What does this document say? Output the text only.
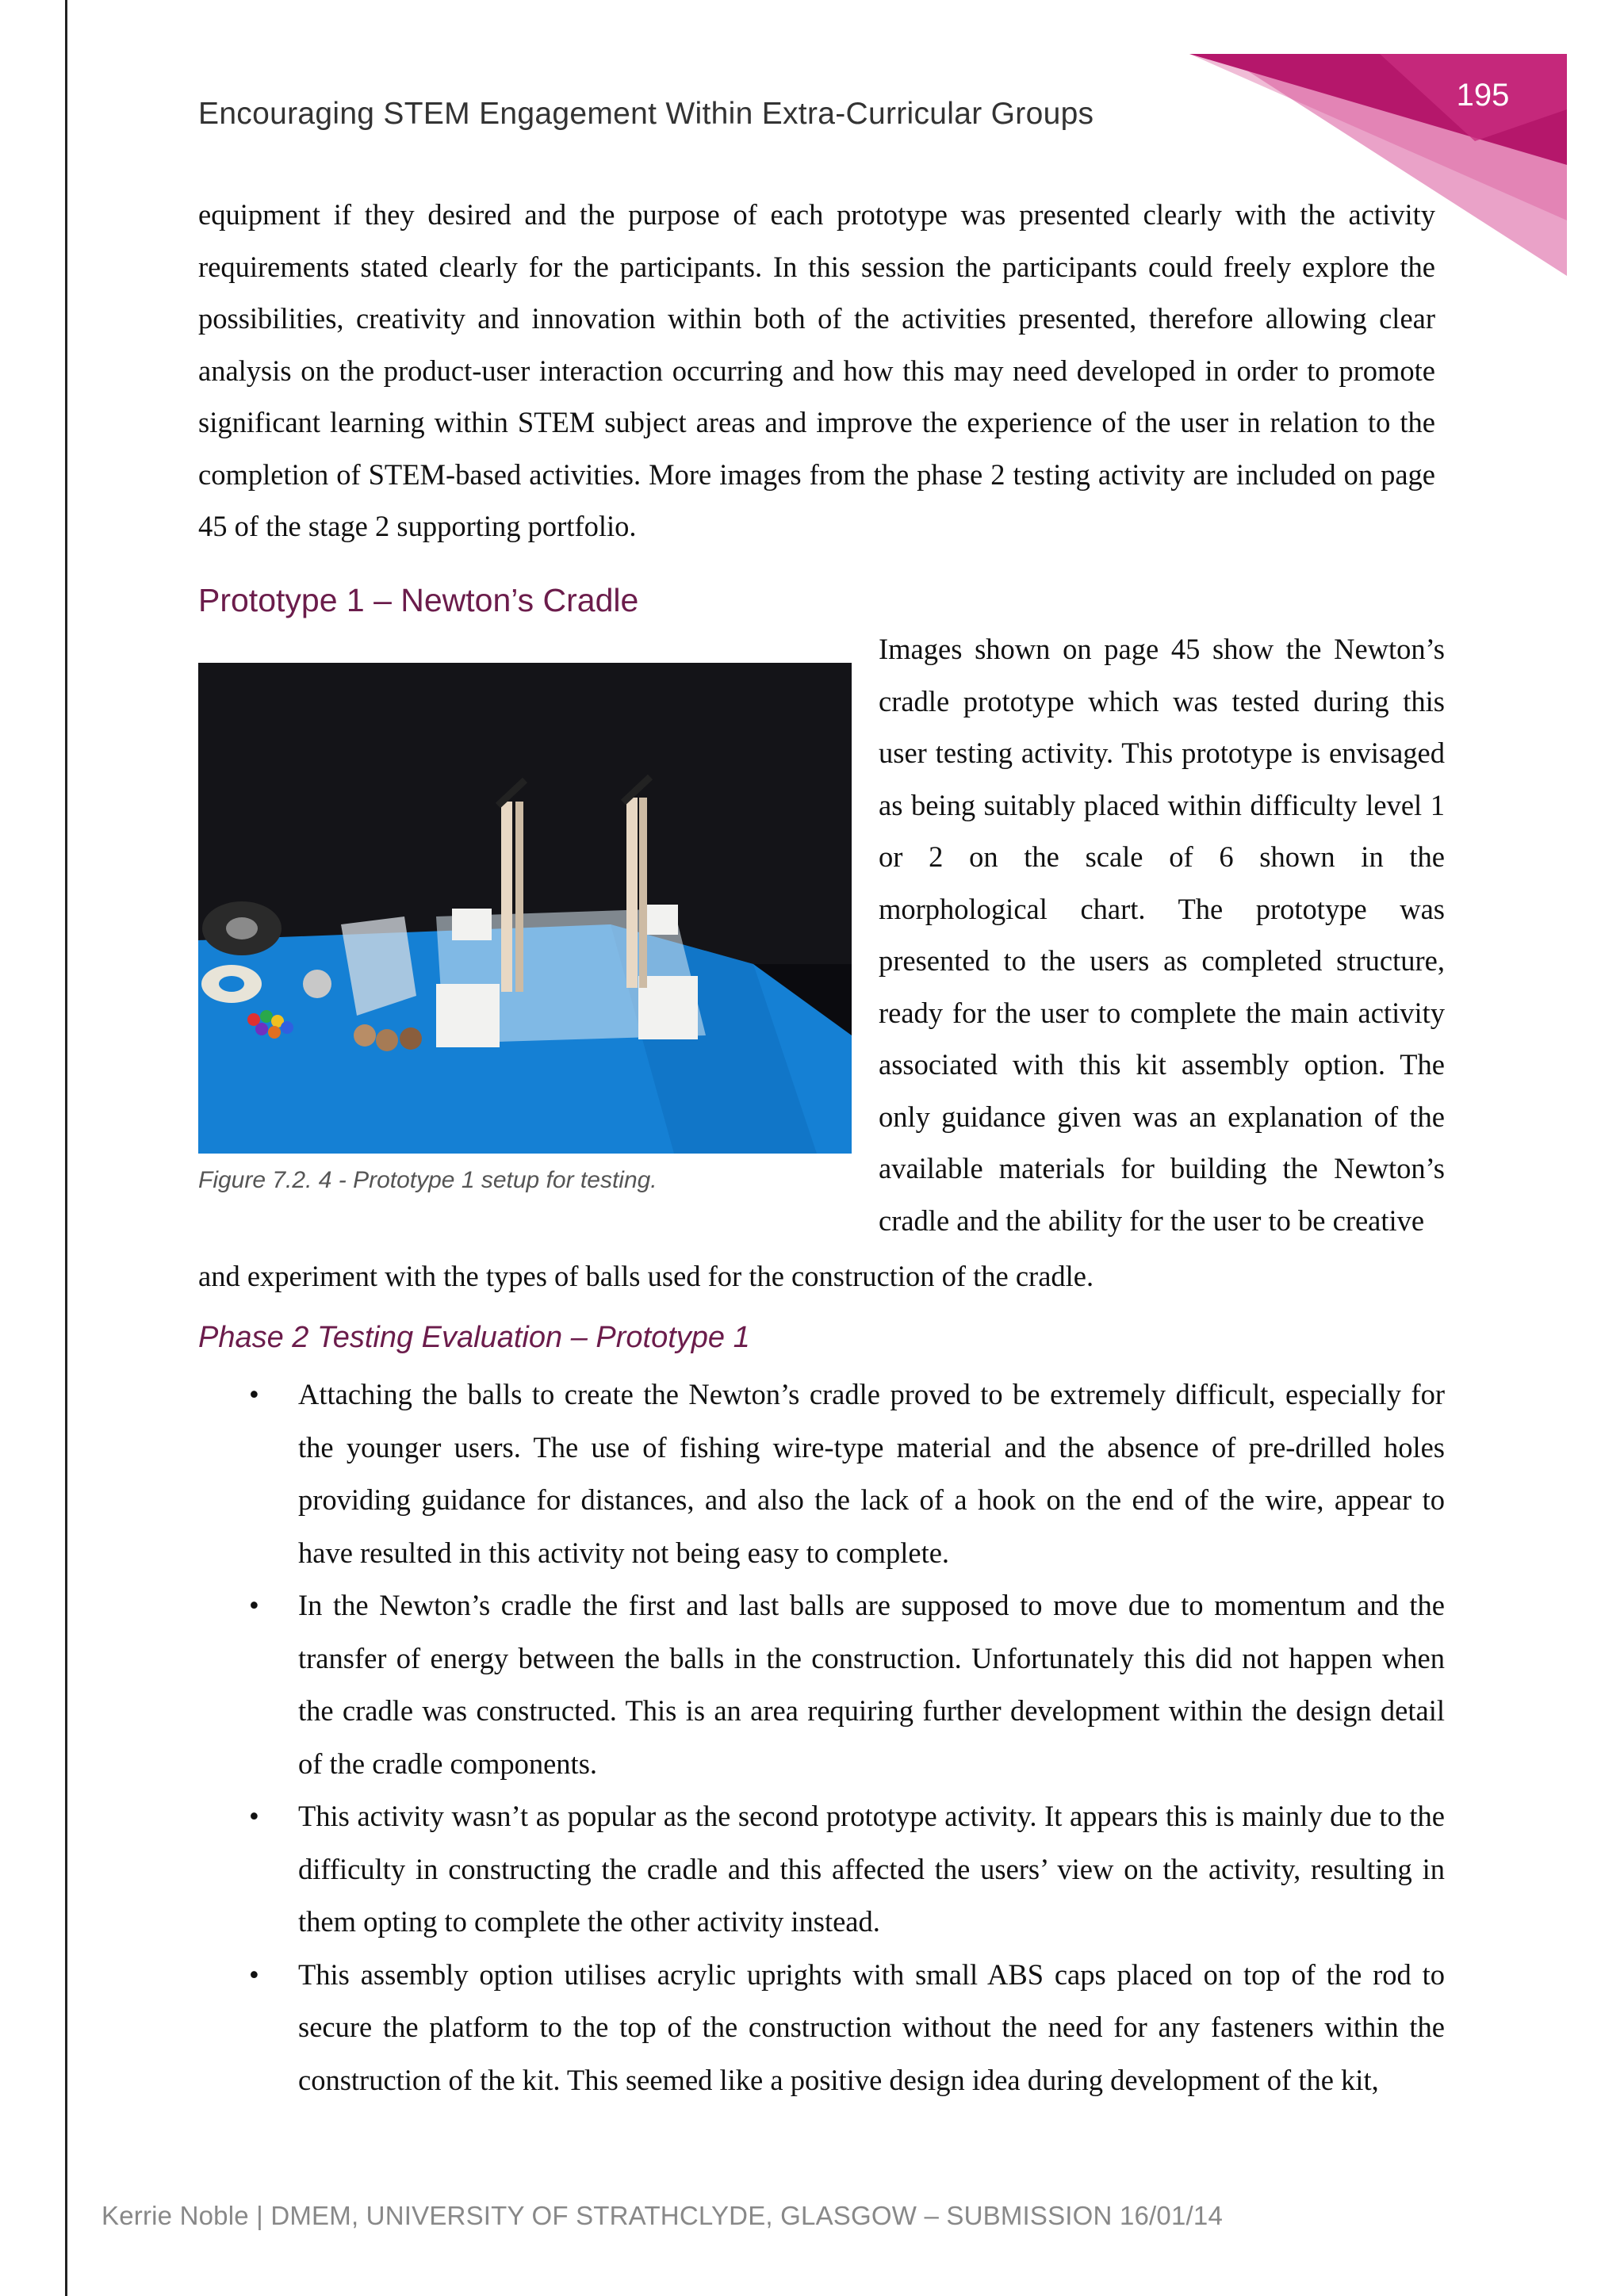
195
Encouraging STEM Engagement Within Extra-Curricular Groups

equipment if they desired and the purpose of each prototype was presented clearly with the activity requirements stated clearly for the participants. In this session the participants could freely explore the possibilities, creativity and innovation within both of the activities presented, therefore allowing clear analysis on the product-user interaction occurring and how this may need developed in order to promote significant learning within STEM subject areas and improve the experience of the user in relation to the completion of STEM-based activities. More images from the phase 2 testing activity are included on page 45 of the stage 2 supporting portfolio.

Prototype 1 – Newton’s Cradle
Figure 7.2. 4 - Prototype 1 setup for testing.

Images shown on page 45 show the Newton’s cradle prototype which was tested during this user testing activity. This prototype is envisaged as being suitably placed within difficulty level 1 or 2 on the scale of 6 shown in the morphological chart. The prototype was presented to the users as completed structure, ready for the user to complete the main activity associated with this kit assembly option. The only guidance given was an explanation of the available materials for building the Newton’s cradle and the ability for the user to be creative

and experiment with the types of balls used for the construction of the cradle.

Phase 2 Testing Evaluation – Prototype 1
• Attaching the balls to create the Newton’s cradle proved to be extremely difficult, especially for the younger users. The use of fishing wire-type material and the absence of pre-drilled holes providing guidance for distances, and also the lack of a hook on the end of the wire, appear to have resulted in this activity not being easy to complete.

• In the Newton’s cradle the first and last balls are supposed to move due to momentum and the transfer of energy between the balls in the construction. Unfortunately this did not happen when the cradle was constructed. This is an area requiring further development within the design detail of the cradle components.

• This activity wasn’t as popular as the second prototype activity. It appears this is mainly due to the difficulty in constructing the cradle and this affected the users’ view on the activity, resulting in them opting to complete the other activity instead.

• This assembly option utilises acrylic uprights with small ABS caps placed on top of the rod to secure the platform to the top of the construction without the need for any fasteners within the construction of the kit. This seemed like a positive design idea during development of the kit,

Kerrie Noble | DMEM, UNIVERSITY OF STRATHCLYDE, GLASGOW – SUBMISSION 16/01/14
